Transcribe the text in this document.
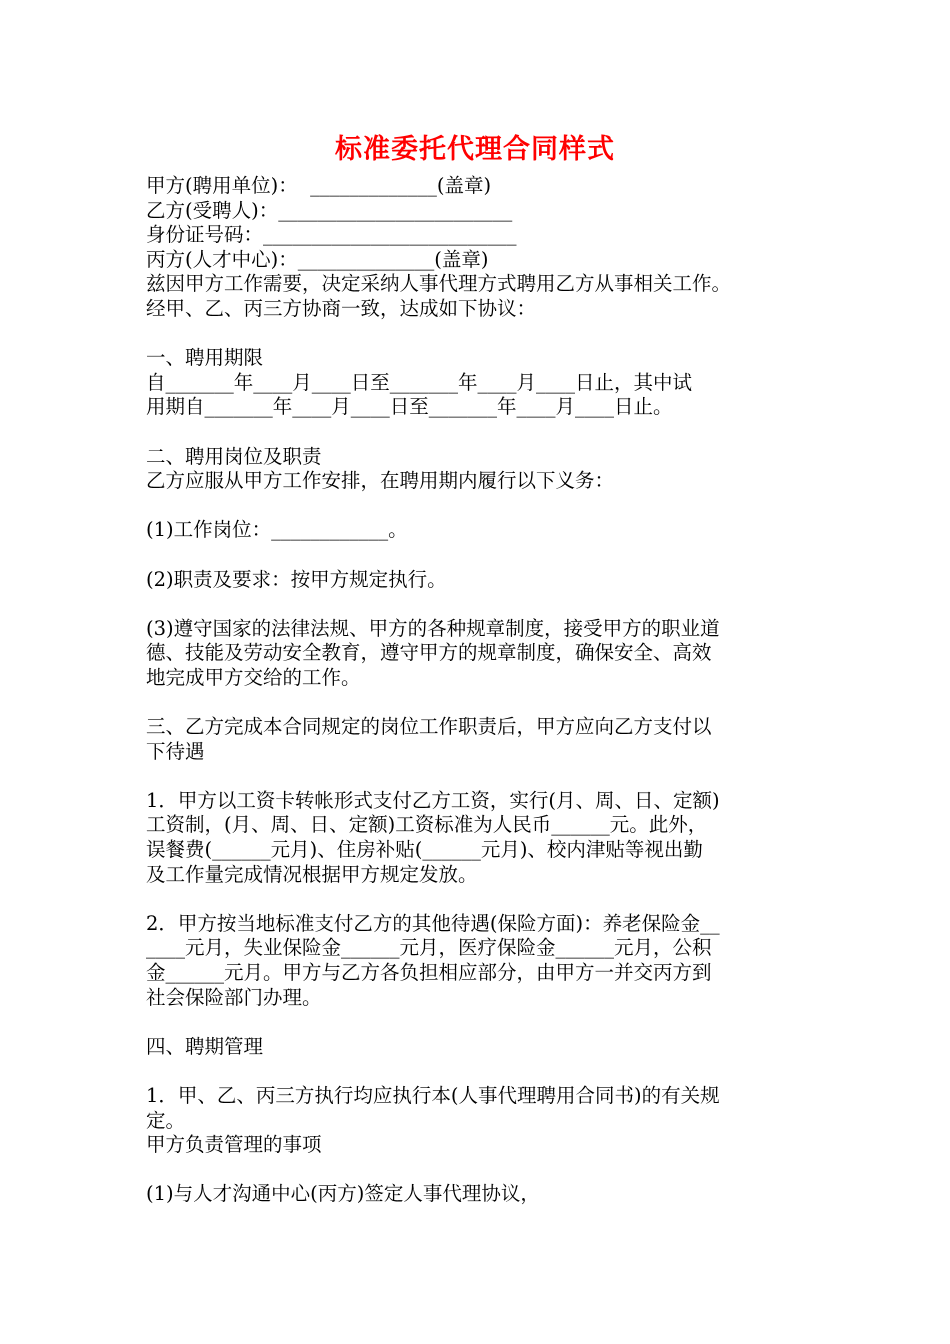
标准委托代理合同样式
甲方(聘用单位)：  _____________(盖章)
乙方(受聘人)：________________________
身份证号码：__________________________
丙方(人才中心)：______________(盖章)
兹因甲方工作需要，决定采纳人事代理方式聘用乙方从事相关工作。
经甲、乙、丙三方协商一致，达成如下协议：
一、聘用期限
自_______年____月____日至_______年____月____日止，其中试
用期自_______年____月____日至_______年____月____日止。
二、聘用岗位及职责
乙方应服从甲方工作安排，在聘用期内履行以下义务：
(1)工作岗位：____________。
(2)职责及要求：按甲方规定执行。
(3)遵守国家的法律法规、甲方的各种规章制度，接受甲方的职业道
德、技能及劳动安全教育，遵守甲方的规章制度，确保安全、高效
地完成甲方交给的工作。
三、乙方完成本合同规定的岗位工作职责后，甲方应向乙方支付以
下待遇
1．甲方以工资卡转帐形式支付乙方工资，实行(月、周、日、定额)
工资制，(月、周、日、定额)工资标准为人民币______元。此外，
误餐费(______元月)、住房补贴(______元月)、校内津贴等视出勤
及工作量完成情况根据甲方规定发放。
2．甲方按当地标准支付乙方的其他待遇(保险方面)：养老保险金__
____元月，失业保险金______元月，医疗保险金______元月，公积
金______元月。甲方与乙方各负担相应部分，由甲方一并交丙方到
社会保险部门办理。
四、聘期管理
1．甲、乙、丙三方执行均应执行本(人事代理聘用合同书)的有关规
定。
甲方负责管理的事项
(1)与人才沟通中心(丙方)签定人事代理协议，
